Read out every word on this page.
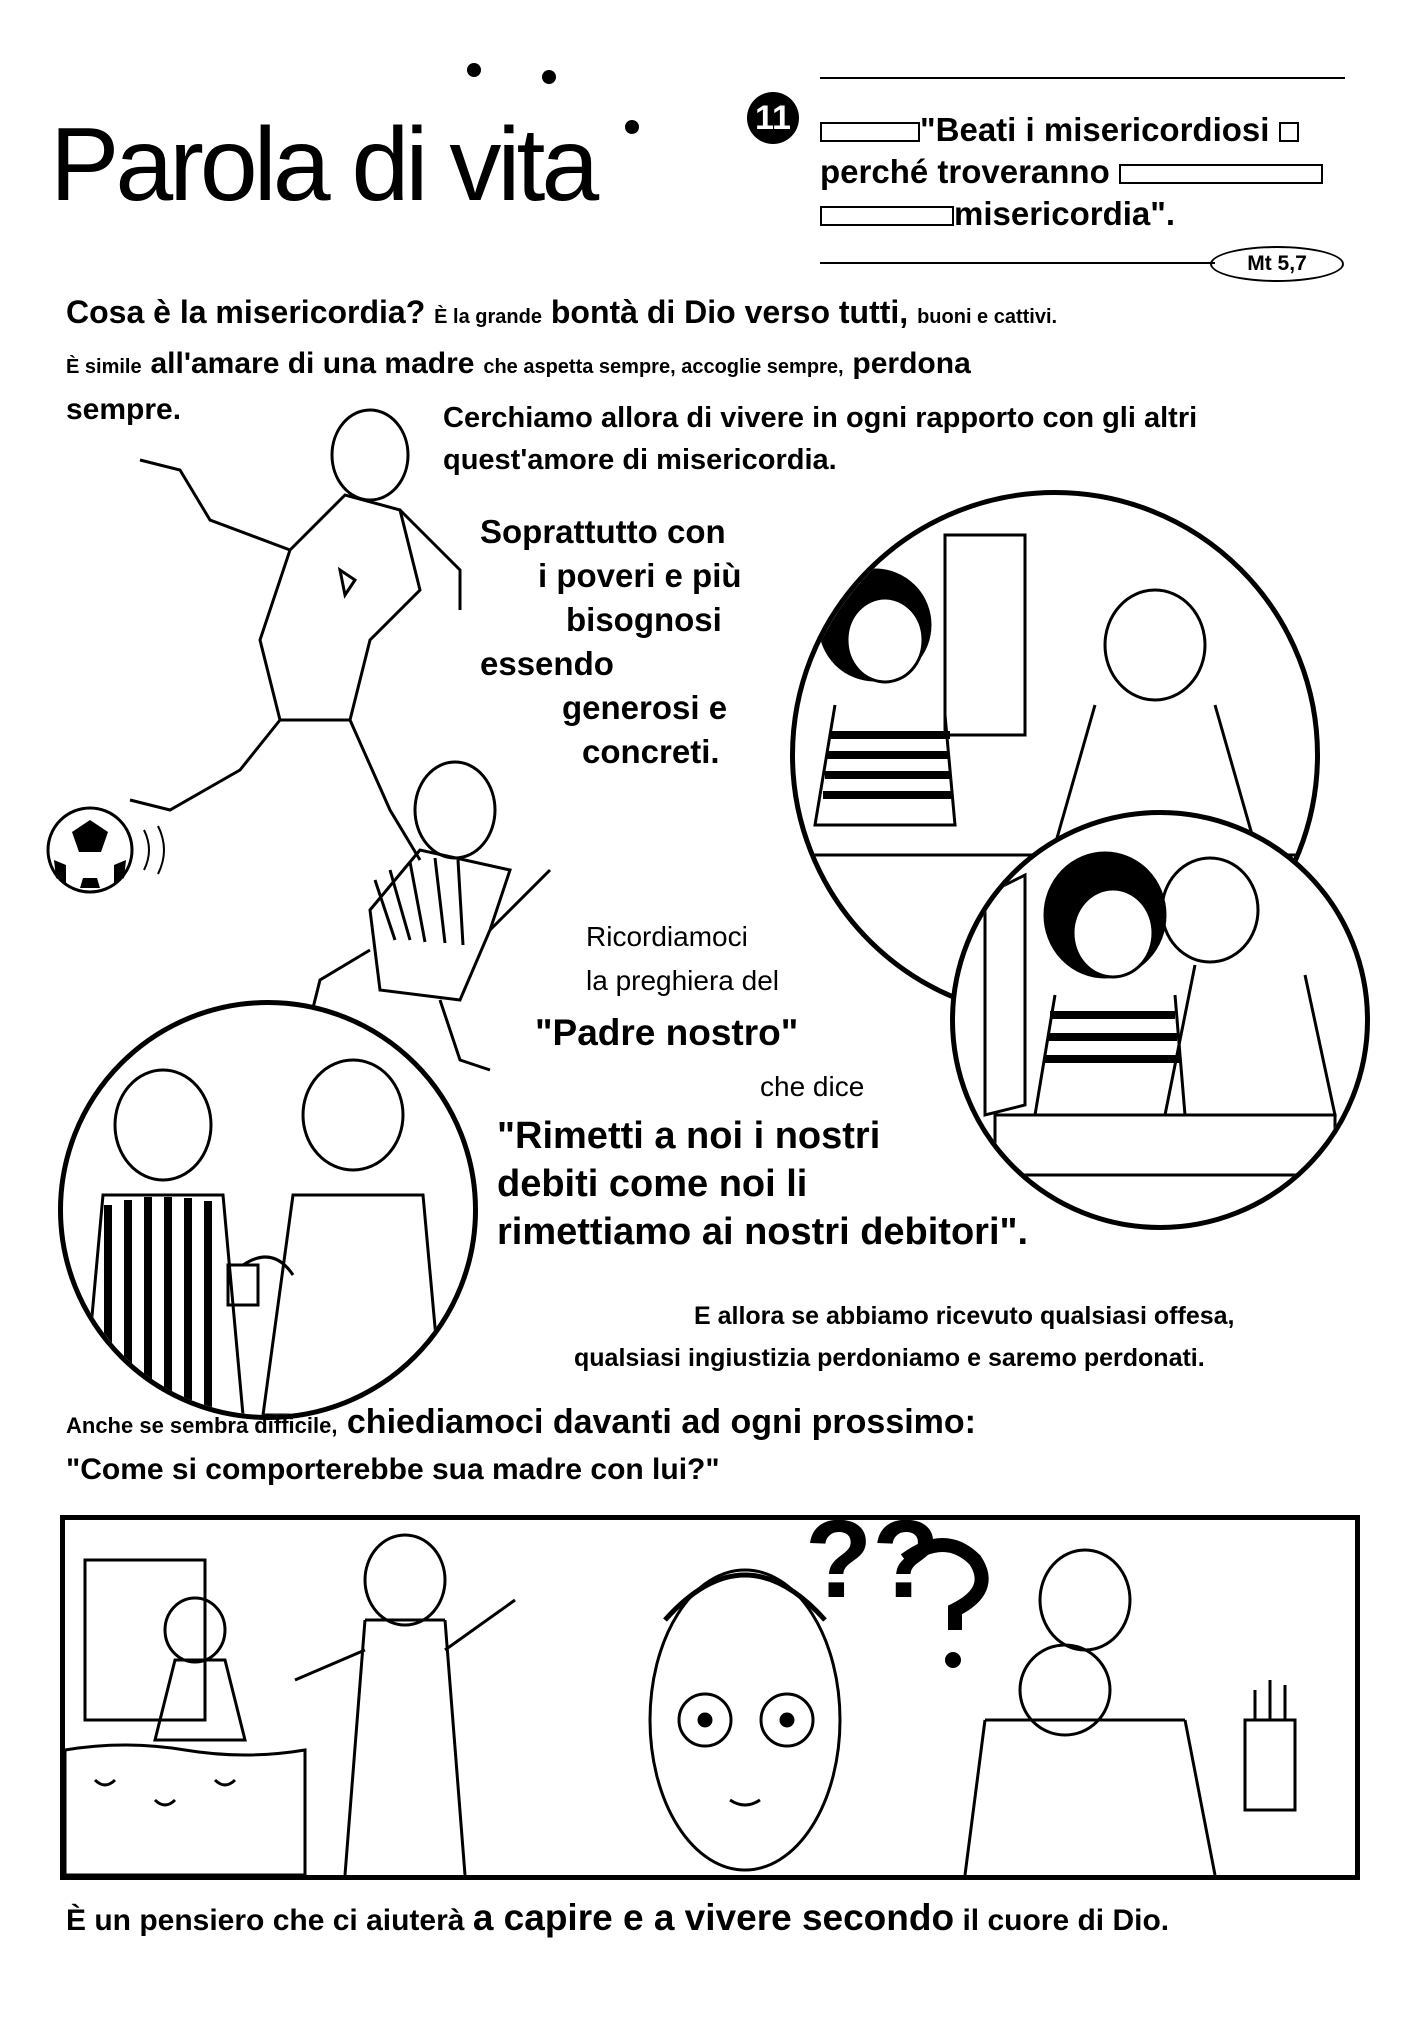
Parola di vita	11	"Beati i misericordiosi
perché troveranno
misericordia".
Mt 5,7
Cosa è la misericordia? È la grande bontà di Dio verso tutti, buoni e cattivi.
È simile all'amare di una madre che aspetta sempre, accoglie sempre, perdona
sempre.	Cerchiamo allora di vivere in ogni rapporto con gli altri
quest'amore di misericordia.
Soprattutto con
i poveri e più
bisognosi
essendo
generosi e
concreti.
Ricordiamoci
la preghiera del
"Padre nostro"
che dice
"Rimetti a noi i nostri
debiti come noi li
rimettiamo ai nostri debitori".
E allora se abbiamo ricevuto qualsiasi offesa,
qualsiasi ingiustizia perdoniamo e saremo perdonati.
Anche se sembra difficile, chiediamoci davanti ad ogni prossimo:
"Come si comporterebbe sua madre con lui?"
??
È un pensiero che ci aiuterà a capire e a vivere secondo il cuore di Dio.
